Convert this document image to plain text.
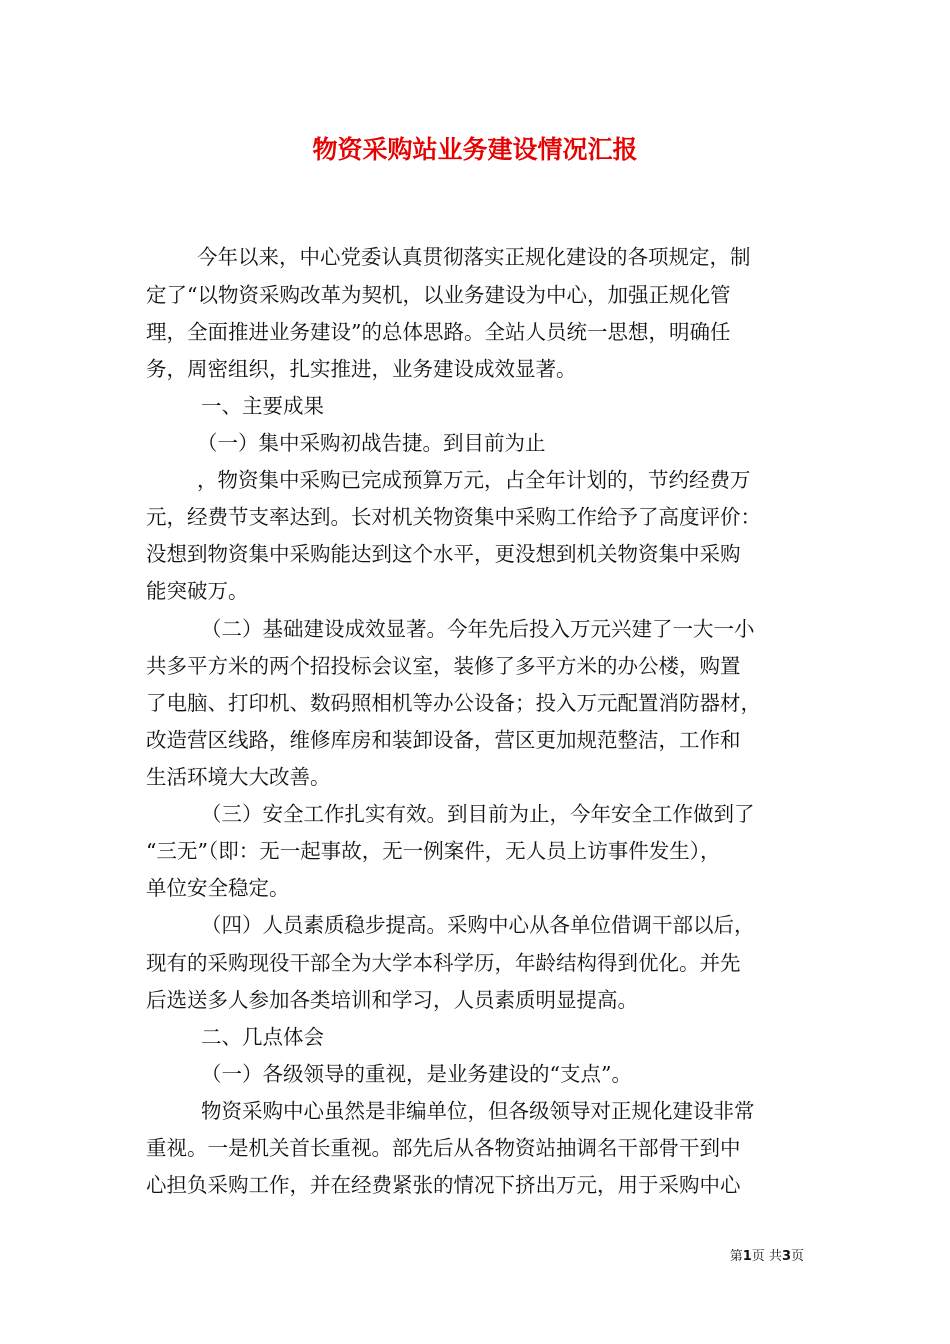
物资采购站业务建设情况汇报

今年以来，中心党委认真贯彻落实正规化建设的各项规定，制

定了“以物资采购改革为契机，以业务建设为中心，加强正规化管

理，全面推进业务建设”的总体思路。全站人员统一思想，明确任

务，周密组织，扎实推进，业务建设成效显著。

一、主要成果

（一）集中采购初战告捷。到目前为止

，物资集中采购已完成预算万元，占全年计划的，节约经费万

元，经费节支率达到。长对机关物资集中采购工作给予了高度评价：

没想到物资集中采购能达到这个水平，更没想到机关物资集中采购

能突破万。

（二）基础建设成效显著。今年先后投入万元兴建了一大一小

共多平方米的两个招投标会议室，装修了多平方米的办公楼，购置

了电脑、打印机、数码照相机等办公设备；投入万元配置消防器材，

改造营区线路，维修库房和装卸设备，营区更加规范整洁，工作和

生活环境大大改善。

（三）安全工作扎实有效。到目前为止，今年安全工作做到了

“三无”（即：无一起事故，无一例案件，无人员上访事件发生），

单位安全稳定。

（四）人员素质稳步提高。采购中心从各单位借调干部以后，

现有的采购现役干部全为大学本科学历，年龄结构得到优化。并先

后选送多人参加各类培训和学习，人员素质明显提高。

二、几点体会

（一）各级领导的重视，是业务建设的“支点”。

物资采购中心虽然是非编单位，但各级领导对正规化建设非常

重视。一是机关首长重视。部先后从各物资站抽调名干部骨干到中

心担负采购工作，并在经费紧张的情况下挤出万元，用于采购中心

第1页 共3页
